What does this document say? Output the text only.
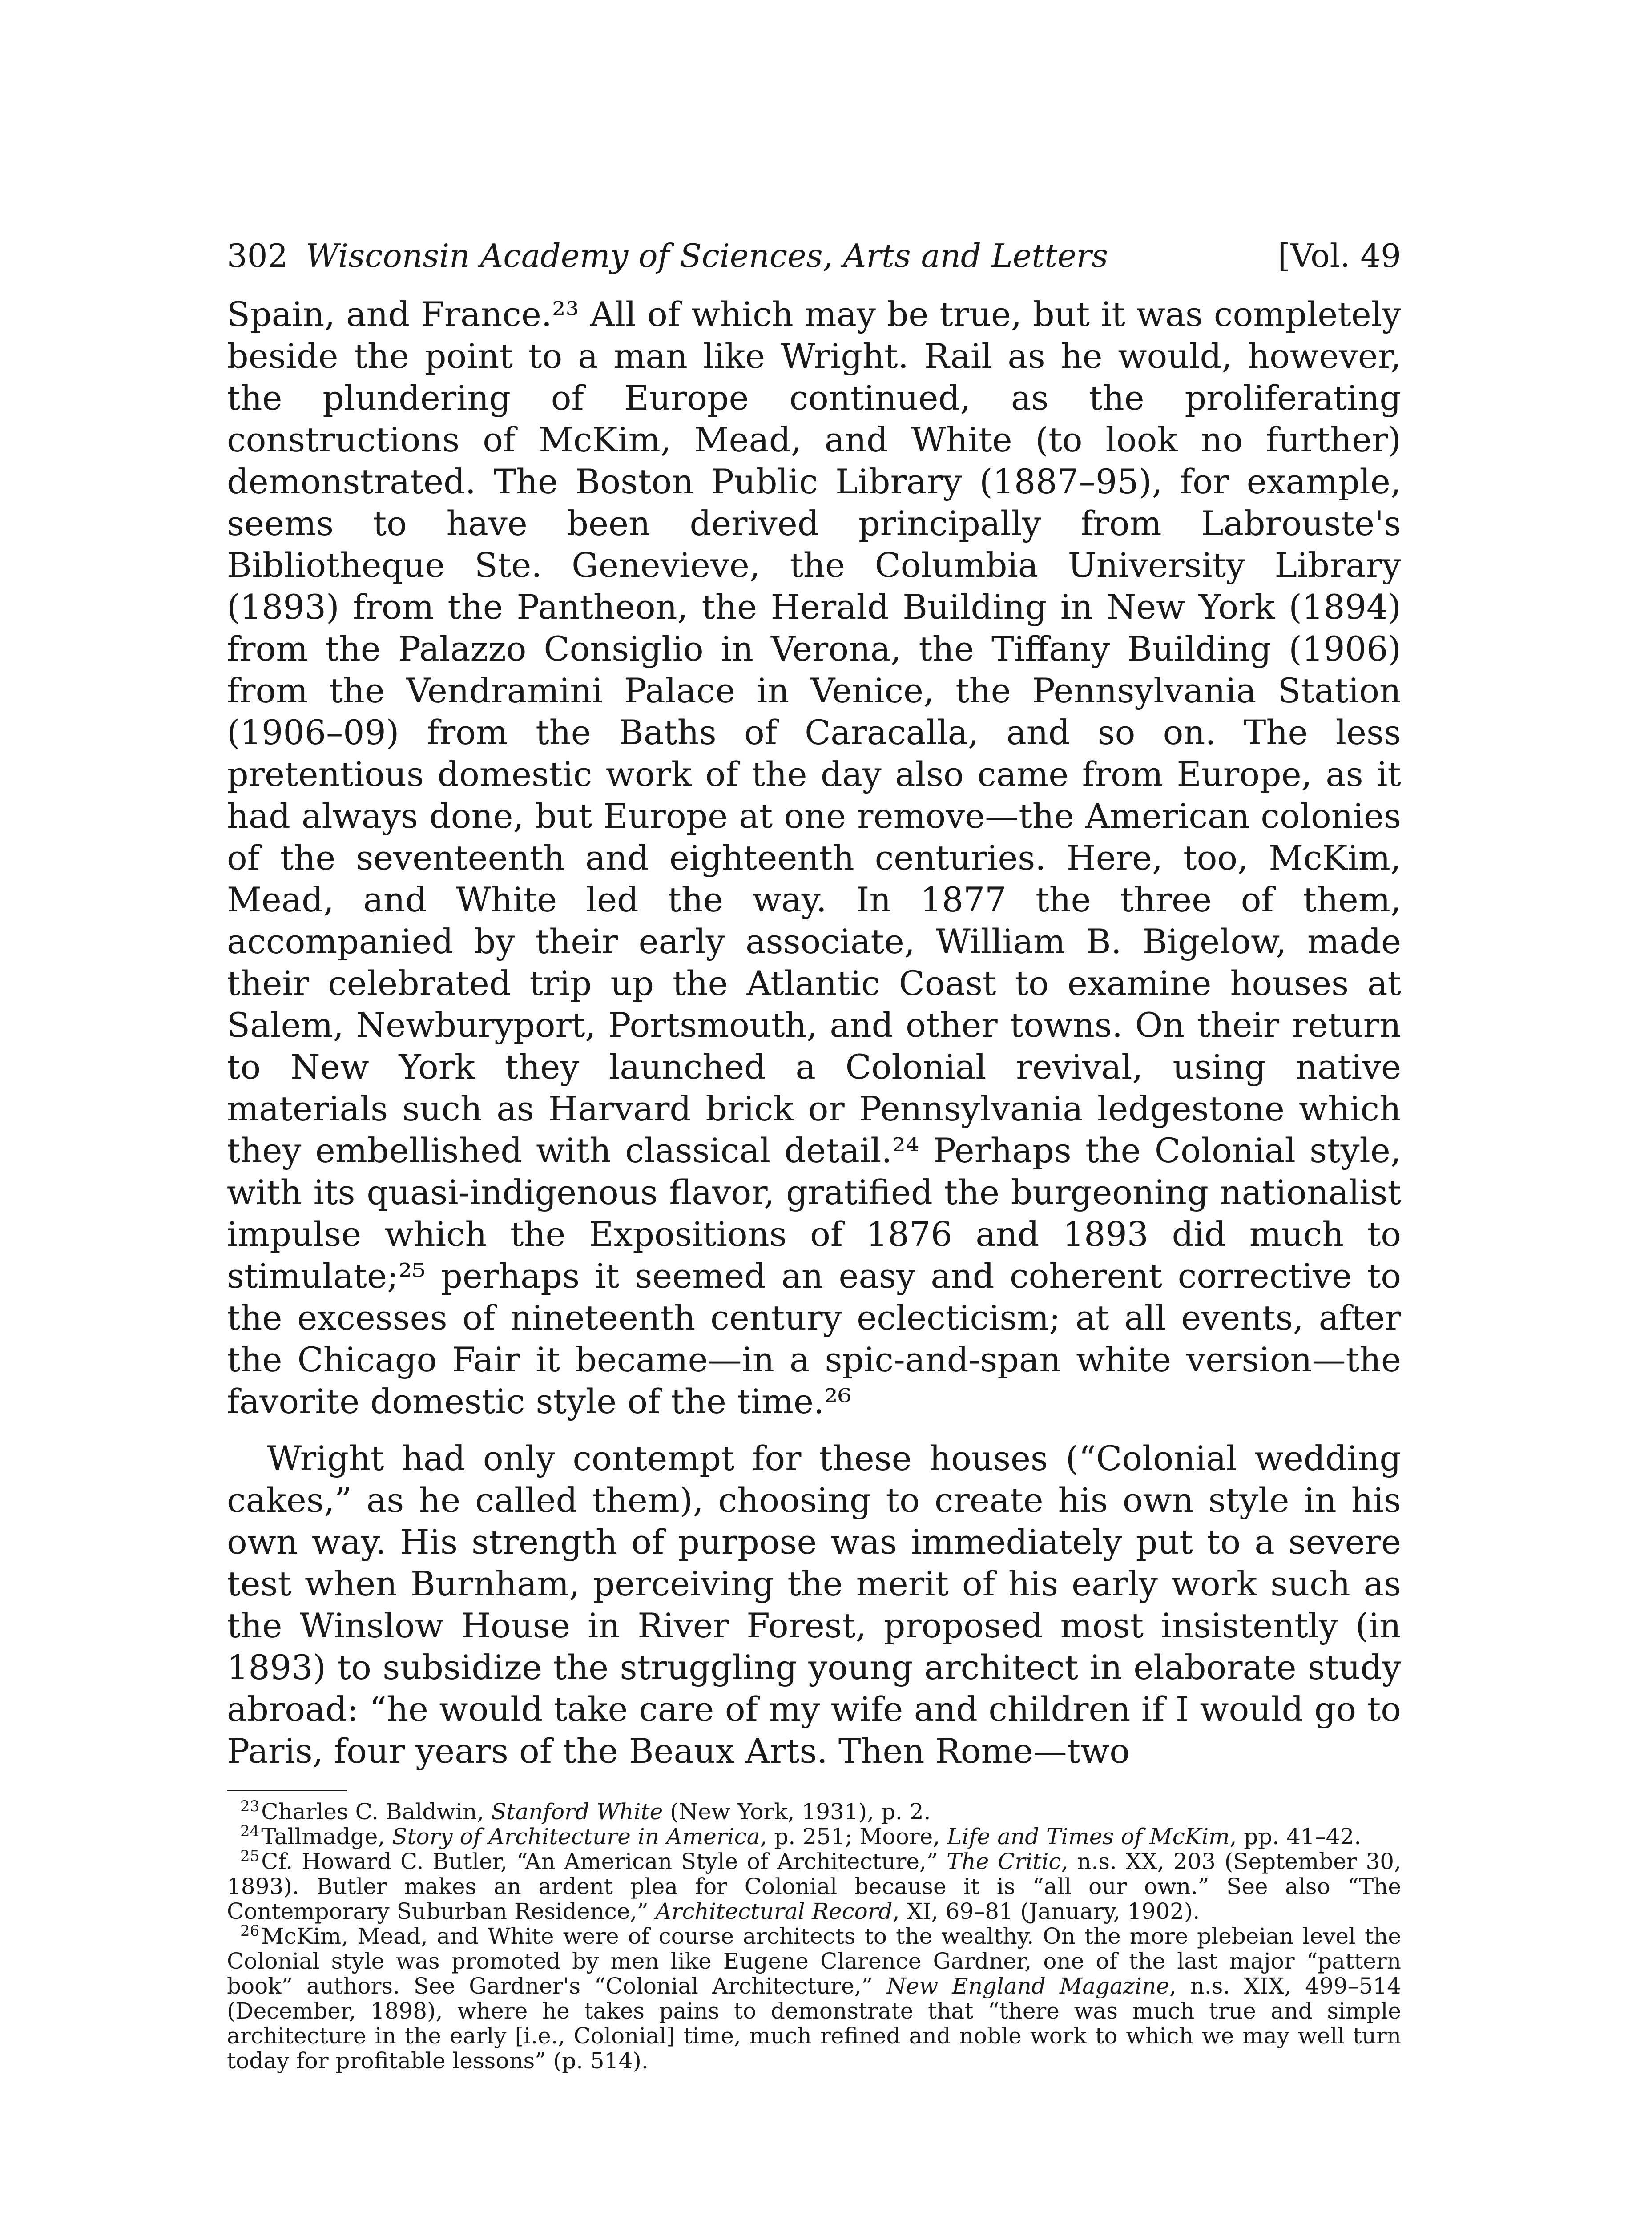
302 Wisconsin Academy of Sciences, Arts and Letters	[Vol. 49

Spain, and France.²³ All of which may be true, but it was completely beside the point to a man like Wright. Rail as he would, however, the plundering of Europe continued, as the proliferating constructions of McKim, Mead, and White (to look no further) demonstrated. The Boston Public Library (1887–95), for example, seems to have been derived principally from Labrouste's Bibliotheque Ste. Genevieve, the Columbia University Library (1893) from the Pantheon, the Herald Building in New York (1894) from the Palazzo Consiglio in Verona, the Tiffany Building (1906) from the Vendramini Palace in Venice, the Pennsylvania Station (1906–09) from the Baths of Caracalla, and so on. The less pretentious domestic work of the day also came from Europe, as it had always done, but Europe at one remove—the American colonies of the seventeenth and eighteenth centuries. Here, too, McKim, Mead, and White led the way. In 1877 the three of them, accompanied by their early associate, William B. Bigelow, made their celebrated trip up the Atlantic Coast to examine houses at Salem, Newburyport, Portsmouth, and other towns. On their return to New York they launched a Colonial revival, using native materials such as Harvard brick or Pennsylvania ledgestone which they embellished with classical detail.²⁴ Perhaps the Colonial style, with its quasi-indigenous flavor, gratified the burgeoning nationalist impulse which the Expositions of 1876 and 1893 did much to stimulate;²⁵ perhaps it seemed an easy and coherent corrective to the excesses of nineteenth century eclecticism; at all events, after the Chicago Fair it became—in a spic-and-span white version—the favorite domestic style of the time.²⁶

Wright had only contempt for these houses (“Colonial wedding cakes,” as he called them), choosing to create his own style in his own way. His strength of purpose was immediately put to a severe test when Burnham, perceiving the merit of his early work such as the Winslow House in River Forest, proposed most insistently (in 1893) to subsidize the struggling young architect in elaborate study abroad: “he would take care of my wife and children if I would go to Paris, four years of the Beaux Arts. Then Rome—two

$^{23}$Charles C. Baldwin, Stanford White (New York, 1931), p. 2.

$^{24}$Tallmadge, Story of Architecture in America, p. 251; Moore, Life and Times of McKim, pp. 41–42.

$^{25}$Cf. Howard C. Butler, “An American Style of Architecture,” The Critic, n.s. XX, 203 (September 30, 1893). Butler makes an ardent plea for Colonial because it is “all our own.” See also “The Contemporary Suburban Residence,” Architectural Record, XI, 69–81 (January, 1902).

$^{26}$McKim, Mead, and White were of course architects to the wealthy. On the more plebeian level the Colonial style was promoted by men like Eugene Clarence Gardner, one of the last major “pattern book” authors. See Gardner's “Colonial Architecture,” New England Magazine, n.s. XIX, 499–514 (December, 1898), where he takes pains to demonstrate that “there was much true and simple architecture in the early [i.e., Colonial] time, much refined and noble work to which we may well turn today for profitable lessons” (p. 514).
